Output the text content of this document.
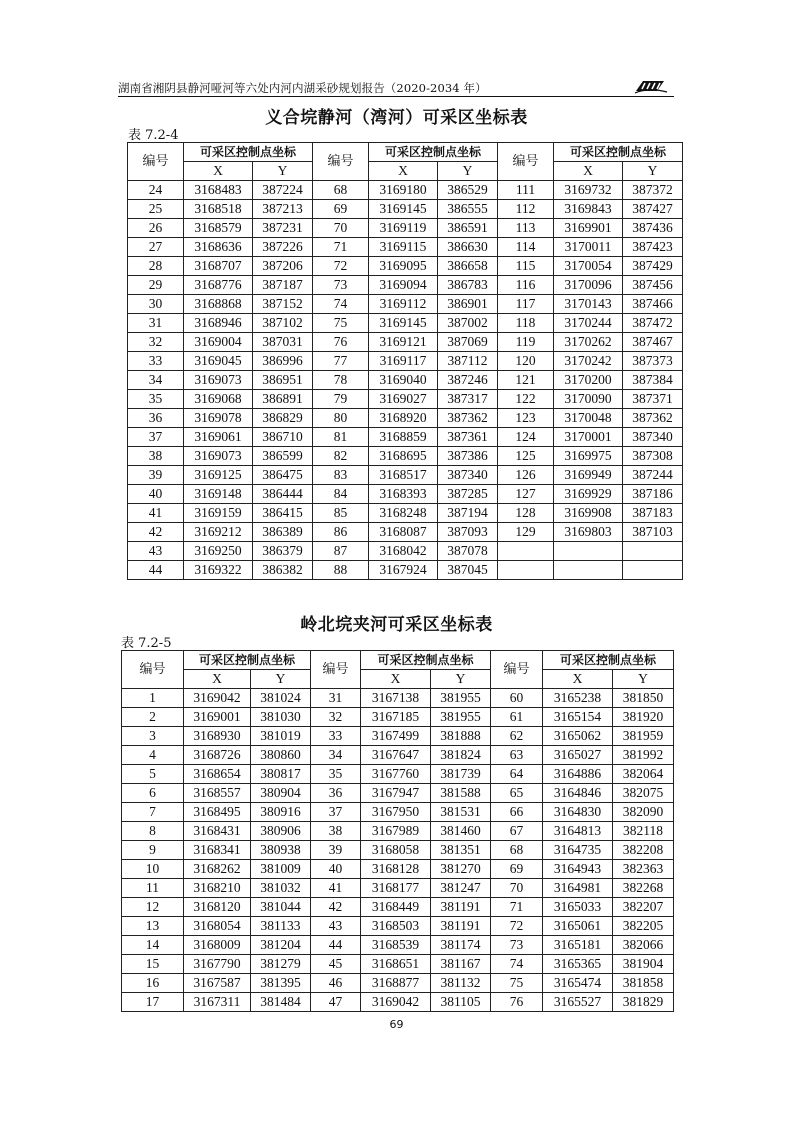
湖南省湘阴县静河哑河等六处内河内湖采砂规划报告（2020-2034 年）
义合垸静河（湾河）可采区坐标表
表 7.2-4
编号	可采区控制点坐标		编号	可采区控制点坐标		编号	可采区控制点坐标	
	X	Y		X	Y		X	Y
24	3168483	387224	68	3169180	386529	111	3169732	387372
25	3168518	387213	69	3169145	386555	112	3169843	387427
26	3168579	387231	70	3169119	386591	113	3169901	387436
27	3168636	387226	71	3169115	386630	114	3170011	387423
28	3168707	387206	72	3169095	386658	115	3170054	387429
29	3168776	387187	73	3169094	386783	116	3170096	387456
30	3168868	387152	74	3169112	386901	117	3170143	387466
31	3168946	387102	75	3169145	387002	118	3170244	387472
32	3169004	387031	76	3169121	387069	119	3170262	387467
33	3169045	386996	77	3169117	387112	120	3170242	387373
34	3169073	386951	78	3169040	387246	121	3170200	387384
35	3169068	386891	79	3169027	387317	122	3170090	387371
36	3169078	386829	80	3168920	387362	123	3170048	387362
37	3169061	386710	81	3168859	387361	124	3170001	387340
38	3169073	386599	82	3168695	387386	125	3169975	387308
39	3169125	386475	83	3168517	387340	126	3169949	387244
40	3169148	386444	84	3168393	387285	127	3169929	387186
41	3169159	386415	85	3168248	387194	128	3169908	387183
42	3169212	386389	86	3168087	387093	129	3169803	387103
43	3169250	386379	87	3168042	387078			
44	3169322	386382	88	3167924	387045			
岭北垸夹河可采区坐标表
表 7.2-5
编号	可采区控制点坐标		编号	可采区控制点坐标		编号	可采区控制点坐标	
	X	Y		X	Y		X	Y
1	3169042	381024	31	3167138	381955	60	3165238	381850
2	3169001	381030	32	3167185	381955	61	3165154	381920
3	3168930	381019	33	3167499	381888	62	3165062	381959
4	3168726	380860	34	3167647	381824	63	3165027	381992
5	3168654	380817	35	3167760	381739	64	3164886	382064
6	3168557	380904	36	3167947	381588	65	3164846	382075
7	3168495	380916	37	3167950	381531	66	3164830	382090
8	3168431	380906	38	3167989	381460	67	3164813	382118
9	3168341	380938	39	3168058	381351	68	3164735	382208
10	3168262	381009	40	3168128	381270	69	3164943	382363
11	3168210	381032	41	3168177	381247	70	3164981	382268
12	3168120	381044	42	3168449	381191	71	3165033	382207
13	3168054	381133	43	3168503	381191	72	3165061	382205
14	3168009	381204	44	3168539	381174	73	3165181	382066
15	3167790	381279	45	3168651	381167	74	3165365	381904
16	3167587	381395	46	3168877	381132	75	3165474	381858
17	3167311	381484	47	3169042	381105	76	3165527	381829
69
